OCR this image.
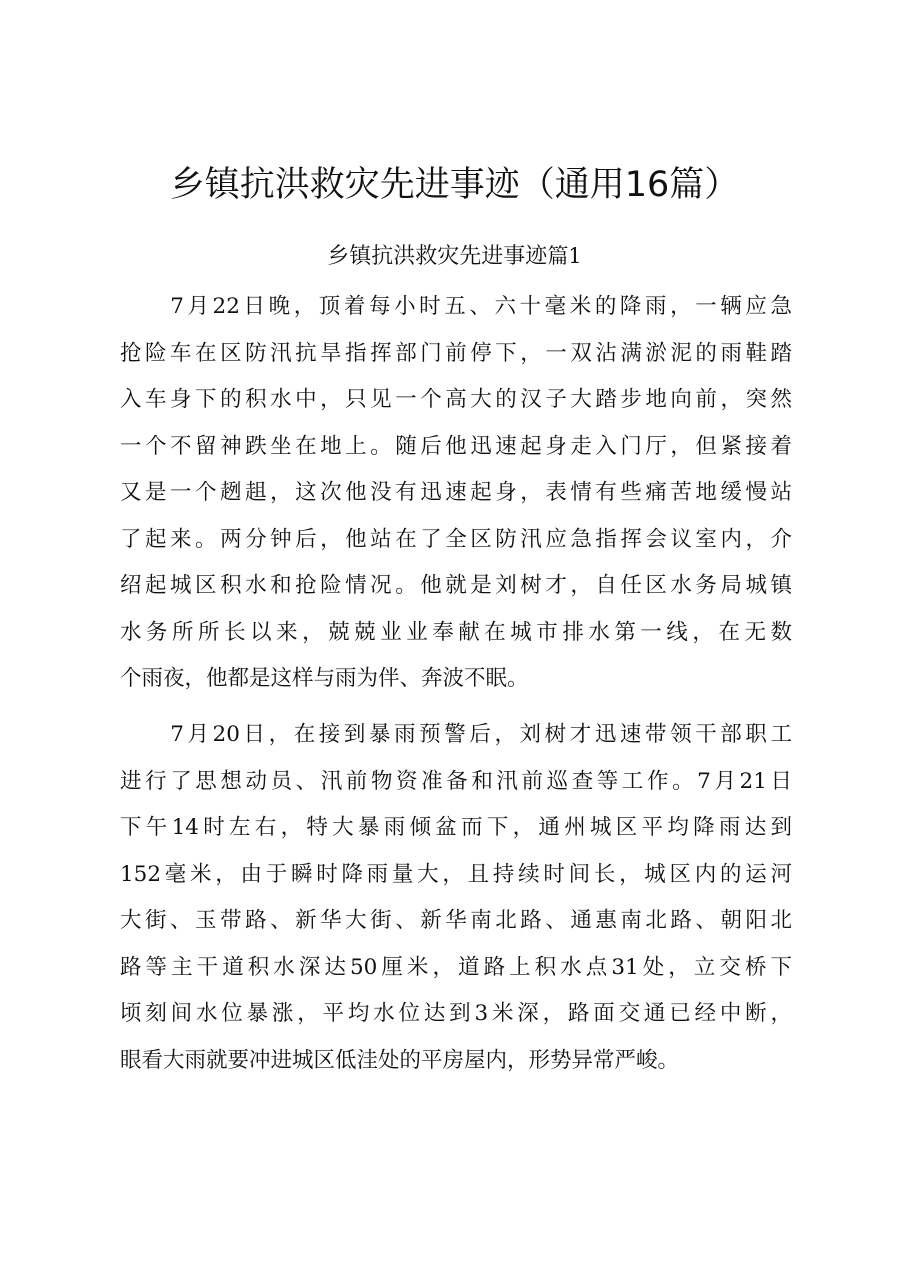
乡镇抗洪救灾先进事迹（通用16篇）
乡镇抗洪救灾先进事迹篇1
　　7月22日晚，顶着每小时五、六十毫米的降雨，一辆应急
抢险车在区防汛抗旱指挥部门前停下，一双沾满淤泥的雨鞋踏
入车身下的积水中，只见一个高大的汉子大踏步地向前，突然
一个不留神跌坐在地上。随后他迅速起身走入门厅，但紧接着
又是一个趔趄，这次他没有迅速起身，表情有些痛苦地缓慢站
了起来。两分钟后，他站在了全区防汛应急指挥会议室内，介
绍起城区积水和抢险情况。他就是刘树才，自任区水务局城镇
水务所所长以来，兢兢业业奉献在城市排水第一线，在无数
个雨夜，他都是这样与雨为伴、奔波不眠。
　　7月20日，在接到暴雨预警后，刘树才迅速带领干部职工
进行了思想动员、汛前物资准备和汛前巡查等工作。7月21日
下午14时左右，特大暴雨倾盆而下，通州城区平均降雨达到
152毫米，由于瞬时降雨量大，且持续时间长，城区内的运河
大街、玉带路、新华大街、新华南北路、通惠南北路、朝阳北
路等主干道积水深达50厘米，道路上积水点31处，立交桥下
顷刻间水位暴涨，平均水位达到3米深，路面交通已经中断，
眼看大雨就要冲进城区低洼处的平房屋内，形势异常严峻。
